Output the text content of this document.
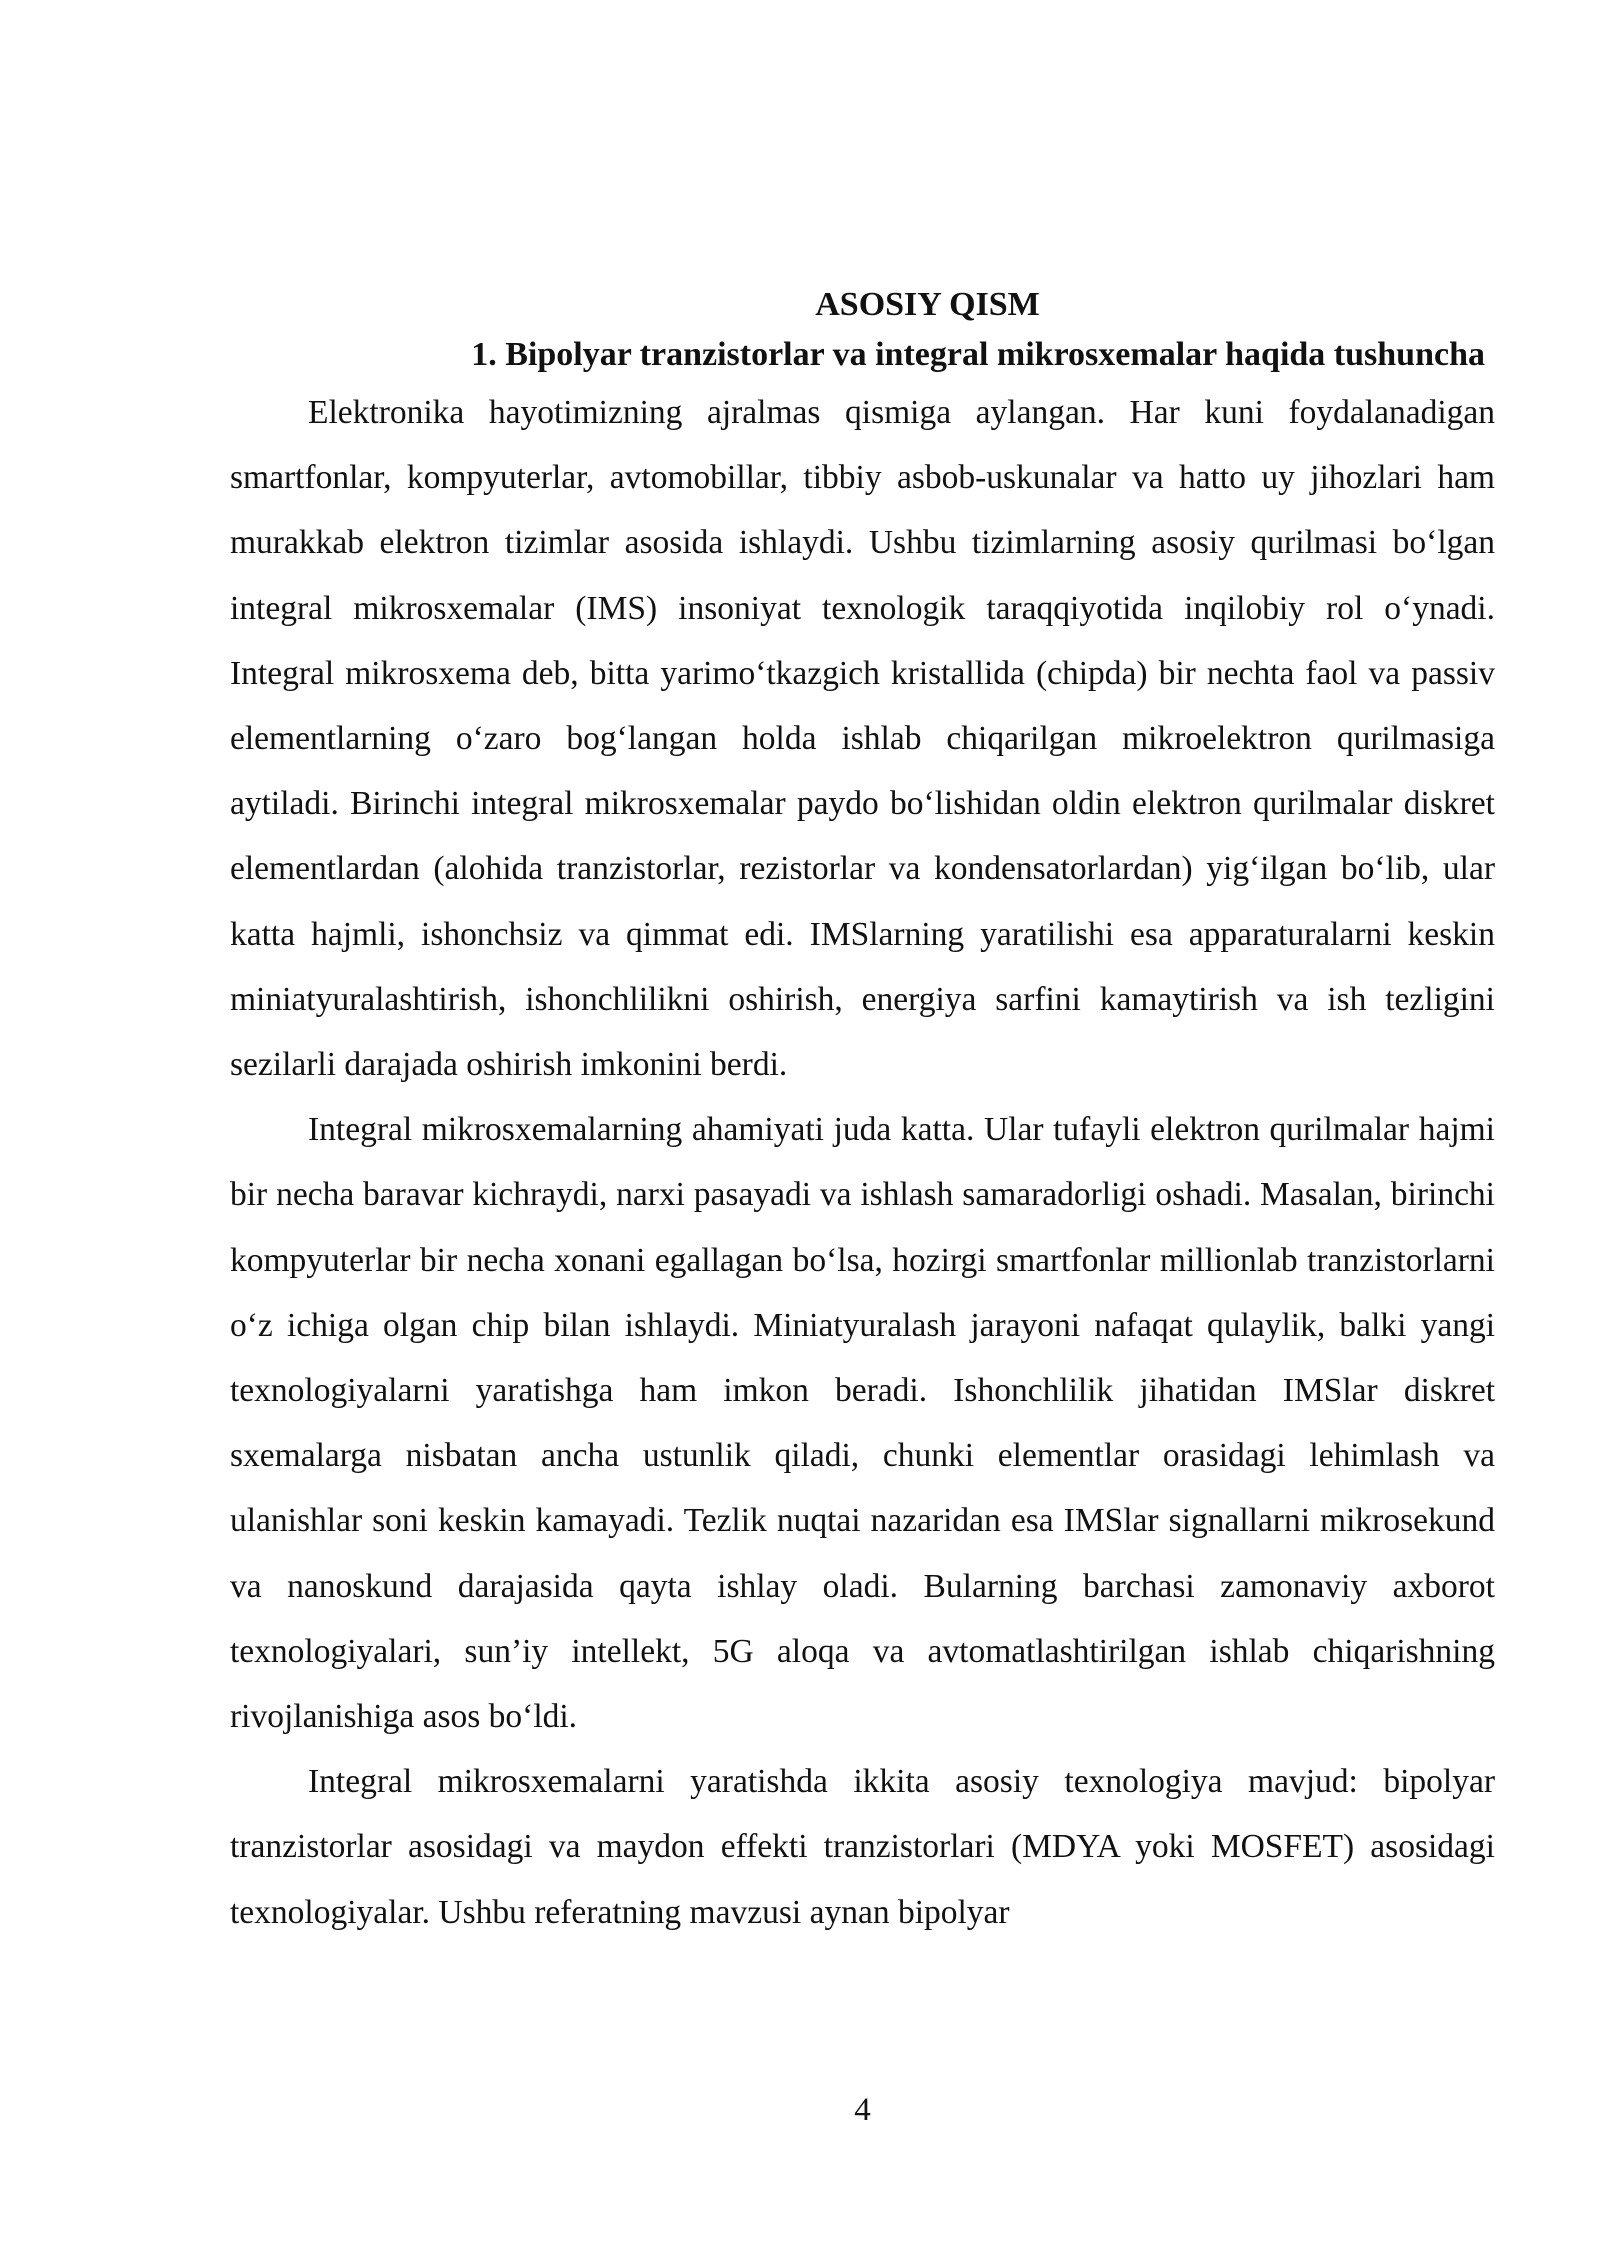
ASOSIY QISM
1. Bipolyar tranzistorlar va integral mikrosxemalar haqida tushuncha

Elektronika hayotimizning ajralmas qismiga aylangan. Har kuni foydalanadigan smartfonlar, kompyuterlar, avtomobillar, tibbiy asbob-uskunalar va hatto uy jihozlari ham murakkab elektron tizimlar asosida ishlaydi. Ushbu tizimlarning asosiy qurilmasi bo‘lgan integral mikrosxemalar (IMS) insoniyat texnologik taraqqiyotida inqilobiy rol o‘ynadi. Integral mikrosxema deb, bitta yarimo‘tkazgich kristallida (chipda) bir nechta faol va passiv elementlarning o‘zaro bog‘langan holda ishlab chiqarilgan mikroelektron qurilmasiga aytiladi. Birinchi integral mikrosxemalar paydo bo‘lishidan oldin elektron qurilmalar diskret elementlardan (alohida tranzistorlar, rezistorlar va kondensatorlardan) yig‘ilgan bo‘lib, ular katta hajmli, ishonchsiz va qimmat edi. IMSlarning yaratilishi esa apparaturalarni keskin miniatyuralashtirish, ishonchlilikni oshirish, energiya sarfini kamaytirish va ish tezligini sezilarli darajada oshirish imkonini berdi.

Integral mikrosxemalarning ahamiyati juda katta. Ular tufayli elektron qurilmalar hajmi bir necha baravar kichraydi, narxi pasayadi va ishlash samaradorligi oshadi. Masalan, birinchi kompyuterlar bir necha xonani egallagan bo‘lsa, hozirgi smartfonlar millionlab tranzistorlarni o‘z ichiga olgan chip bilan ishlaydi. Miniatyuralash jarayoni nafaqat qulaylik, balki yangi texnologiyalarni yaratishga ham imkon beradi. Ishonchlilik jihatidan IMSlar diskret sxemalarga nisbatan ancha ustunlik qiladi, chunki elementlar orasidagi lehimlash va ulanishlar soni keskin kamayadi. Tezlik nuqtai nazaridan esa IMSlar signallarni mikrosekund va nanoskund darajasida qayta ishlay oladi. Bularning barchasi zamonaviy axborot texnologiyalari, sun’iy intellekt, 5G aloqa va avtomatlashtirilgan ishlab chiqarishning rivojlanishiga asos bo‘ldi.

Integral mikrosxemalarni yaratishda ikkita asosiy texnologiya mavjud: bipolyar tranzistorlar asosidagi va maydon effekti tranzistorlari (MDYA yoki MOSFET) asosidagi texnologiyalar. Ushbu referatning mavzusi aynan bipolyar

4
